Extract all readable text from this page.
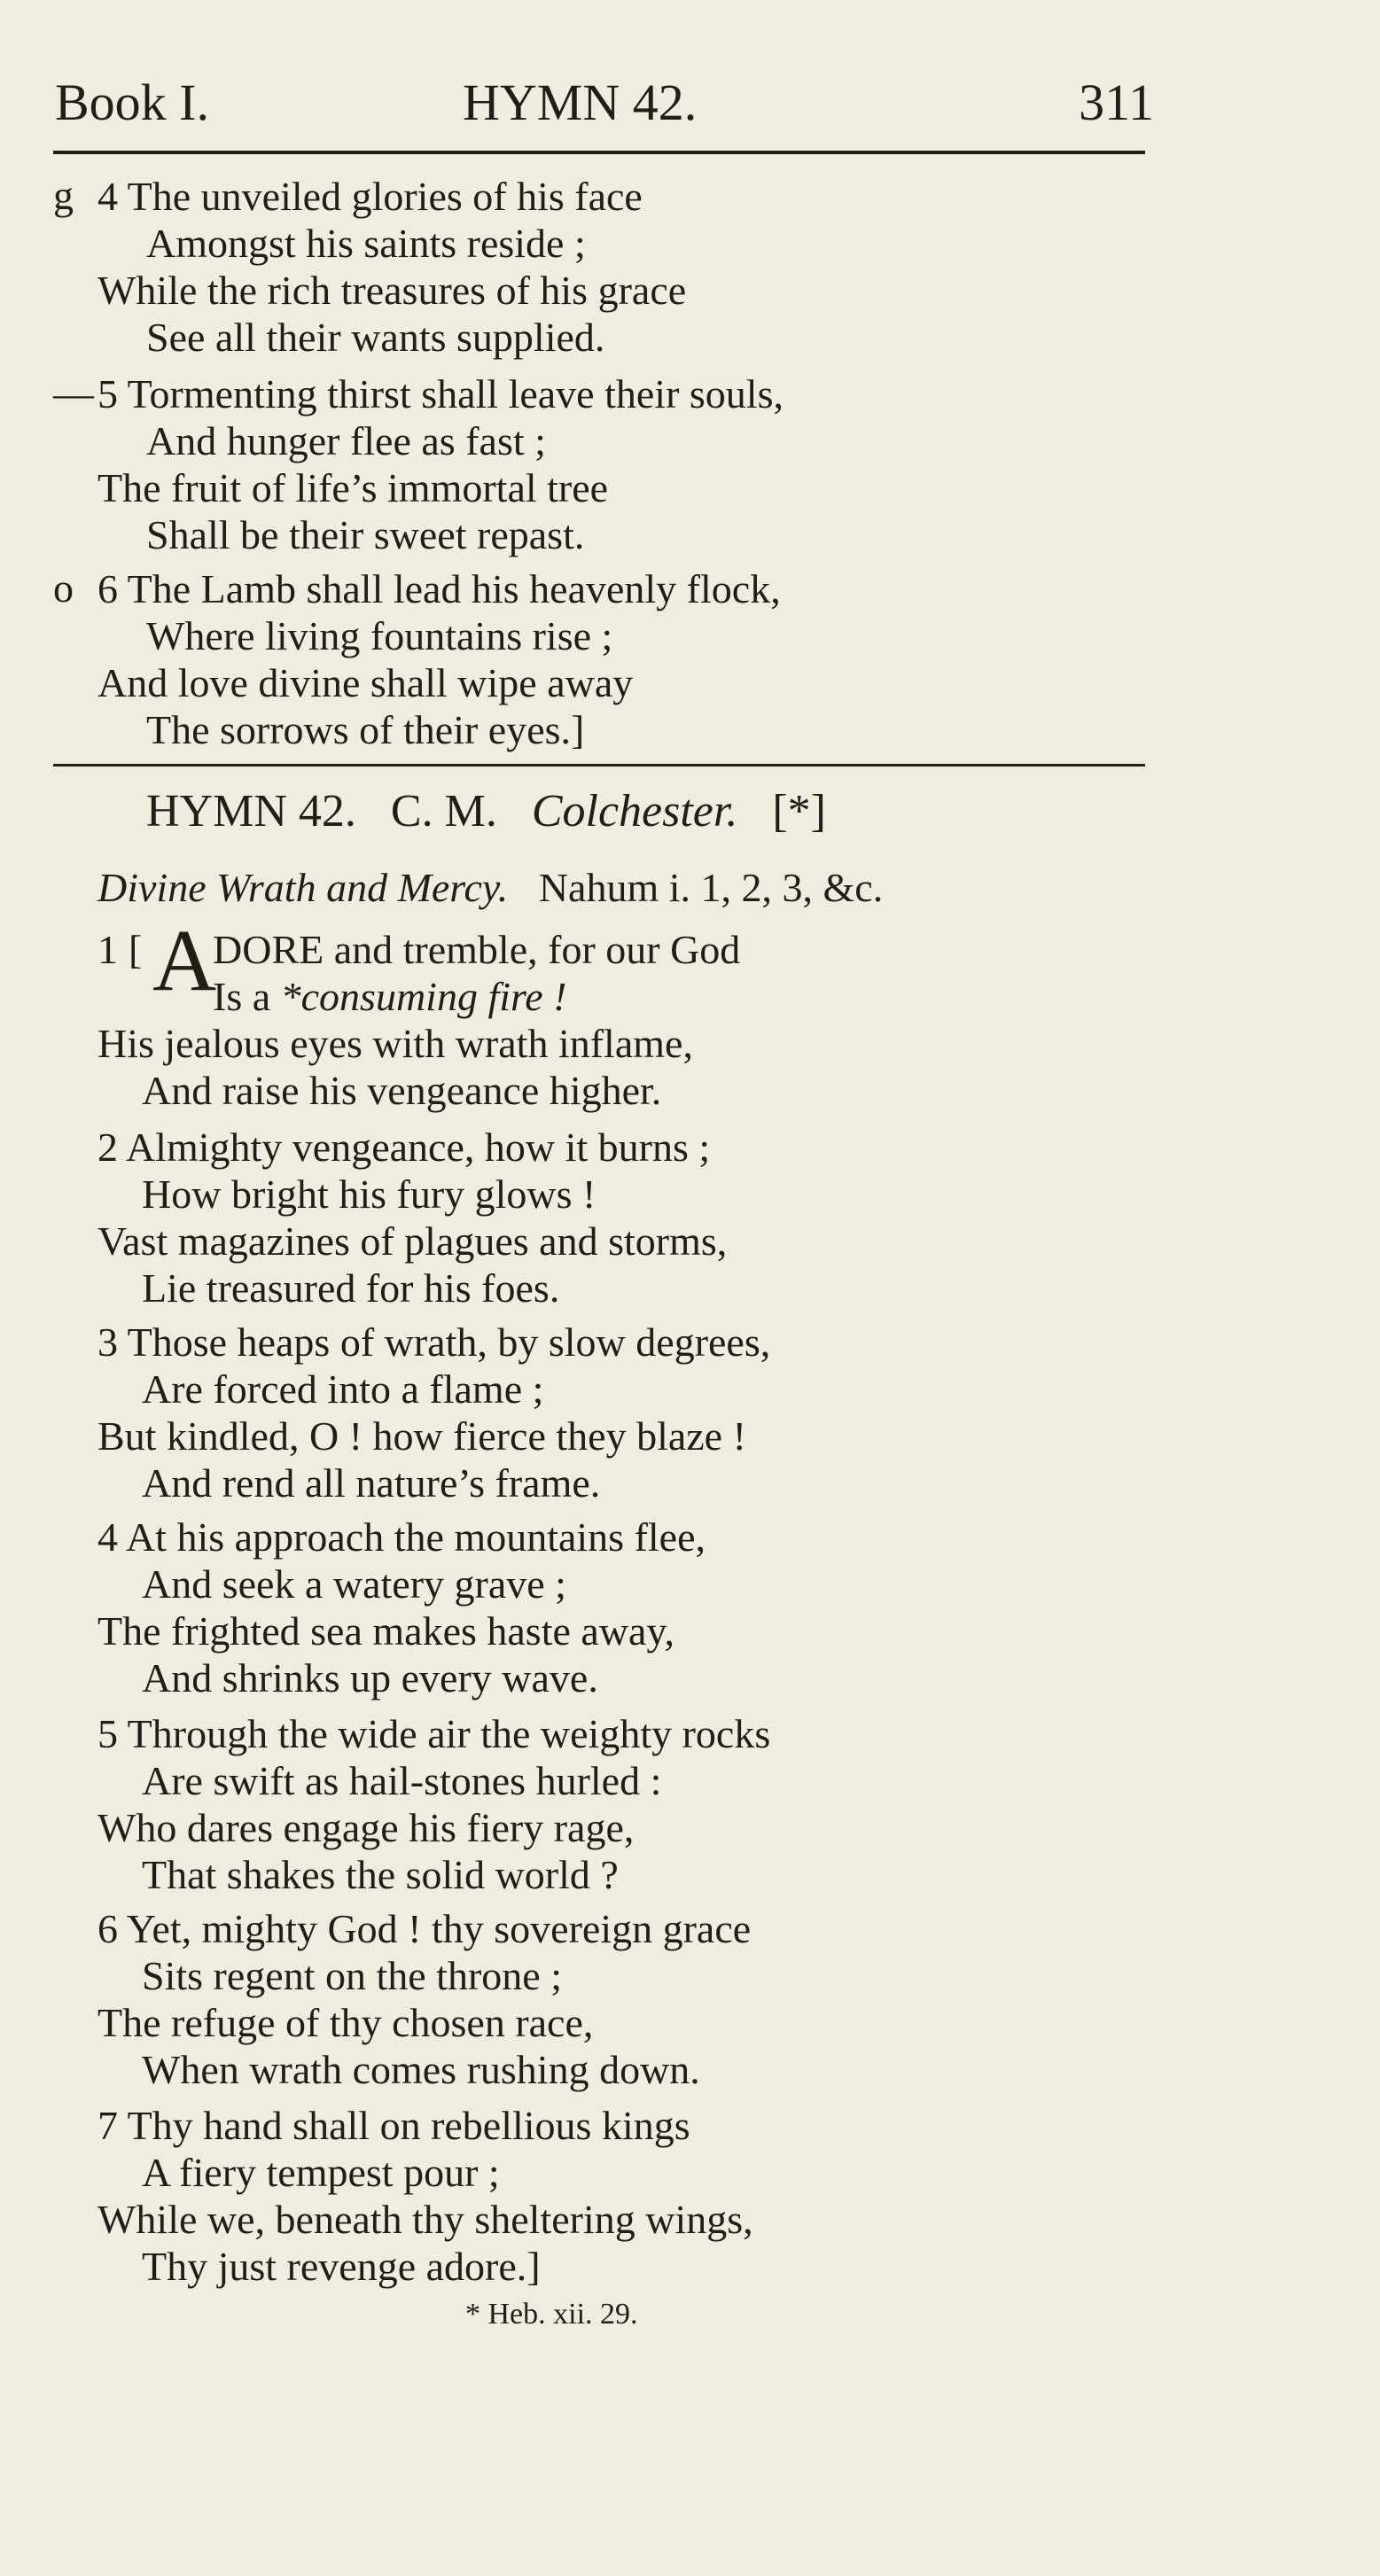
Book I.	HYMN 42.	311
g 4 The unveiled glories of his face
Amongst his saints reside ;
While the rich treasures of his grace
See all their wants supplied.
— 5 Tormenting thirst shall leave their souls,
And hunger flee as fast ;
The fruit of life’s immortal tree
Shall be their sweet repast.
o 6 The Lamb shall lead his heavenly flock,
Where living fountains rise ;
And love divine shall wipe away
The sorrows of their eyes.]
HYMN 42. C. M. Colchester. [*]
Divine Wrath and Mercy. Nahum i. 1, 2, 3, &c.
1 [ A
DORE and tremble, for our God
Is a *consuming fire !
His jealous eyes with wrath inflame,
And raise his vengeance higher.
2 Almighty vengeance, how it burns ;
How bright his fury glows !
Vast magazines of plagues and storms,
Lie treasured for his foes.
3 Those heaps of wrath, by slow degrees,
Are forced into a flame ;
But kindled, O ! how fierce they blaze !
And rend all nature’s frame.
4 At his approach the mountains flee,
And seek a watery grave ;
The frighted sea makes haste away,
And shrinks up every wave.
5 Through the wide air the weighty rocks
Are swift as hail-stones hurled :
Who dares engage his fiery rage,
That shakes the solid world ?
6 Yet, mighty God ! thy sovereign grace
Sits regent on the throne ;
The refuge of thy chosen race,
When wrath comes rushing down.
7 Thy hand shall on rebellious kings
A fiery tempest pour ;
While we, beneath thy sheltering wings,
Thy just revenge adore.]
* Heb. xii. 29.
